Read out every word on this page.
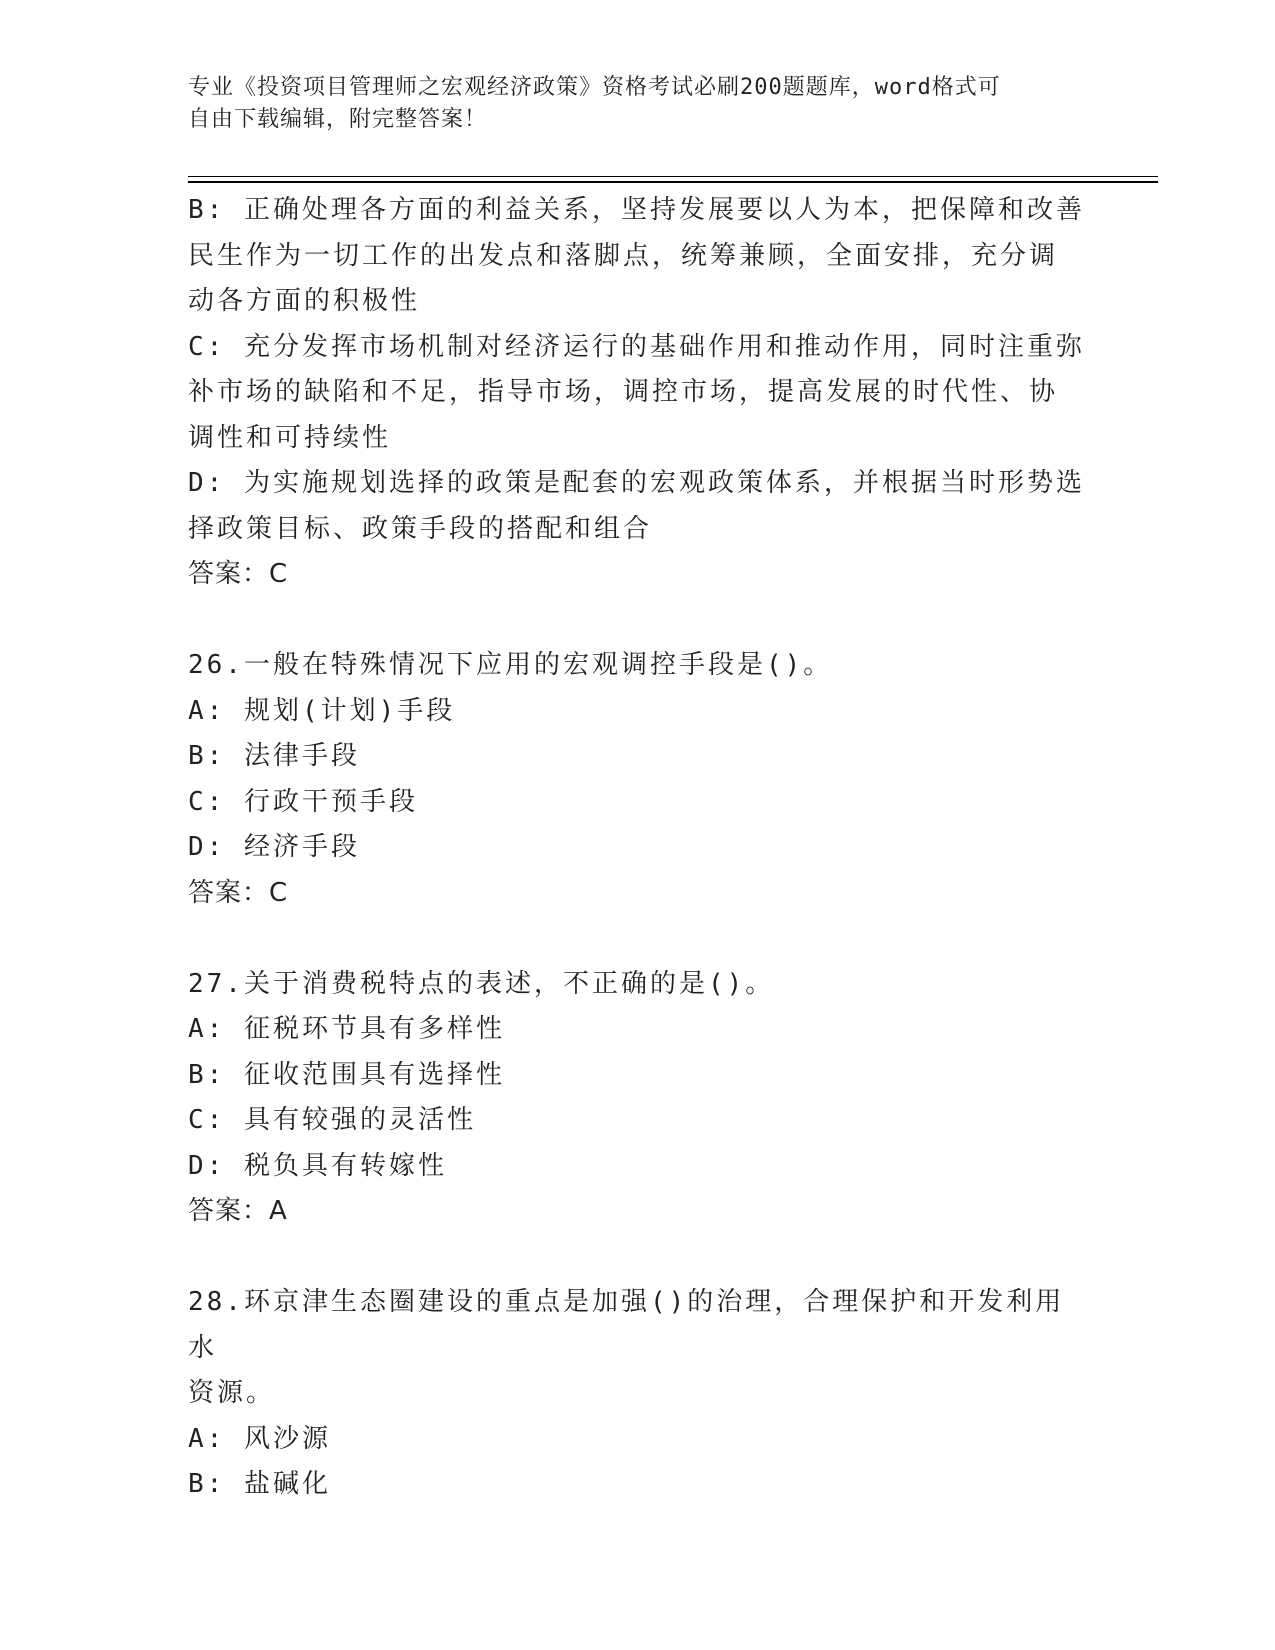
专业《投资项目管理师之宏观经济政策》资格考试必刷200题题库，word格式可
自由下载编辑，附完整答案！
B: 正确处理各方面的利益关系，坚持发展要以人为本，把保障和改善
民生作为一切工作的出发点和落脚点，统筹兼顾，全面安排，充分调
动各方面的积极性
C: 充分发挥市场机制对经济运行的基础作用和推动作用，同时注重弥
补市场的缺陷和不足，指导市场，调控市场，提高发展的时代性、协
调性和可持续性
D: 为实施规划选择的政策是配套的宏观政策体系，并根据当时形势选
择政策目标、政策手段的搭配和组合
答案：C
26.一般在特殊情况下应用的宏观调控手段是()。
A: 规划(计划)手段
B: 法律手段
C: 行政干预手段
D: 经济手段
答案：C
27.关于消费税特点的表述，不正确的是()。
A: 征税环节具有多样性
B: 征收范围具有选择性
C: 具有较强的灵活性
D: 税负具有转嫁性
答案：A
28.环京津生态圈建设的重点是加强()的治理，合理保护和开发利用水
资源。
A: 风沙源
B: 盐碱化
